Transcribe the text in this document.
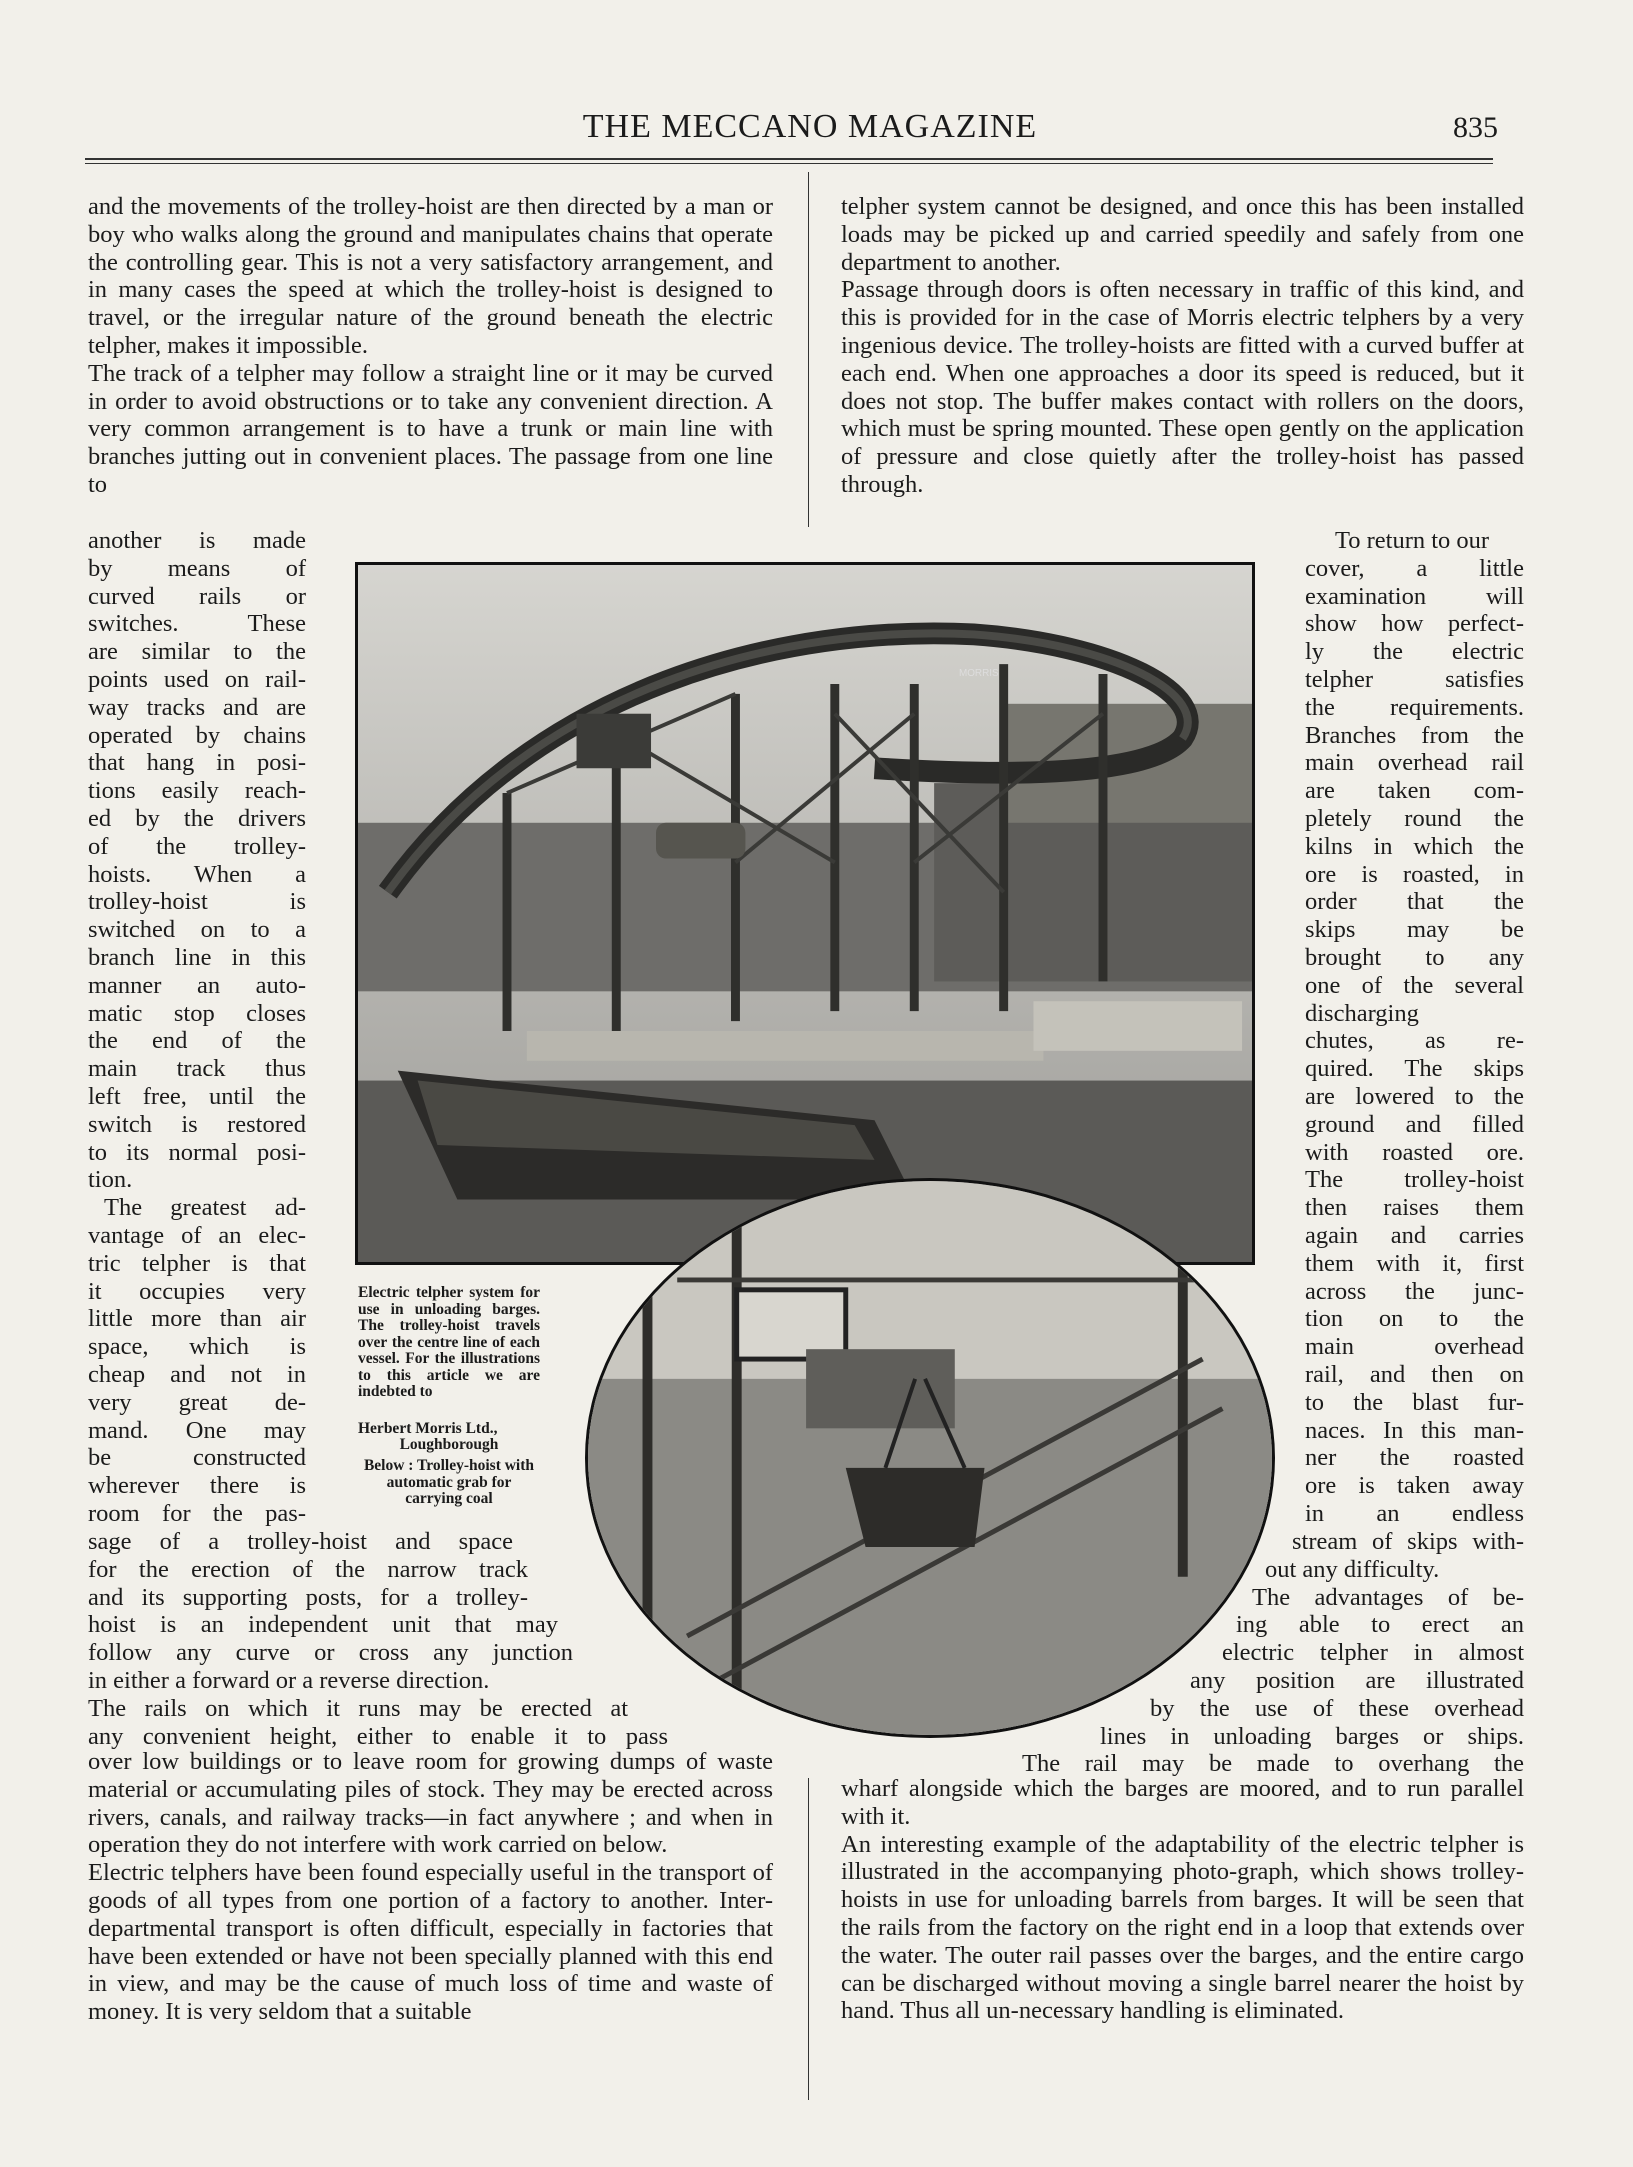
THE MECCANO MAGAZINE	835
and the movements of the trolley-hoist are then directed by a man or boy who walks along the ground and manipulates chains that operate the controlling gear. This is not a very satisfactory arrangement, and in many cases the speed at which the trolley-hoist is designed to travel, or the irregular nature of the ground beneath the electric telpher, makes it impossible.
The track of a telpher may follow a straight line or it may be curved in order to avoid obstructions or to take any convenient direction. A very common arrangement is to have a trunk or main line with branches jutting out in convenient places. The passage from one line to
another is made
by means of
curved rails or
switches. These
are similar to the
points used on rail-
way tracks and are
operated by chains
that hang in posi-
tions easily reach-
ed by the drivers
of the trolley-
hoists. When a
trolley-hoist is
switched on to a
branch line in this
manner an auto-
matic stop closes
the end of the
main track thus
left free, until the
switch is restored
to its normal posi-
tion.
The greatest ad-
vantage of an elec-
tric telpher is that
it occupies very
little more than air
space, which is
cheap and not in
very great de-
mand. One may
be constructed
wherever there is
room for the pas-
sage of a trolley-hoist and space
for the erection of the narrow track
and its supporting posts, for a trolley-
hoist is an independent unit that may
follow any curve or cross any junction
in either a forward or a reverse direction.
The rails on which it runs may be erected at
any convenient height, either to enable it to pass
over low buildings or to leave room for growing dumps of waste material or accumulating piles of stock. They may be erected across rivers, canals, and railway tracks—in fact anywhere ; and when in operation they do not interfere with work carried on below.
Electric telphers have been found especially useful in the transport of goods of all types from one portion of a factory to another. Inter-departmental transport is often difficult, especially in factories that have been extended or have not been specially planned with this end in view, and may be the cause of much loss of time and waste of money. It is very seldom that a suitable
telpher system cannot be designed, and once this has been installed loads may be picked up and carried speedily and safely from one department to another.
Passage through doors is often necessary in traffic of this kind, and this is provided for in the case of Morris electric telphers by a very ingenious device. The trolley-hoists are fitted with a curved buffer at each end. When one approaches a door its speed is reduced, but it does not stop. The buffer makes contact with rollers on the doors, which must be spring mounted. These open gently on the application of pressure and close quietly after the trolley-hoist has passed through.
To return to our
cover, a little
examination will
show how perfect-
ly the electric
telpher satisfies
the requirements.
Branches from the
main overhead rail
are taken com-
pletely round the
kilns in which the
ore is roasted, in
order that the
skips may be
brought to any
one of the several
discharging
chutes, as re-
quired. The skips
are lowered to the
ground and filled
with roasted ore.
The trolley-hoist
then raises them
again and carries
them with it, first
across the junc-
tion on to the
main overhead
rail, and then on
to the blast fur-
naces. In this man-
ner the roasted
ore is taken away
in an endless
stream of skips with-
out any difficulty.
The advantages of be-
ing able to erect an
electric telpher in almost
any position are illustrated
by the use of these overhead
lines in unloading barges or ships.
The rail may be made to overhang the
wharf alongside which the barges are moored, and to run parallel with it.
An interesting example of the adaptability of the electric telpher is illustrated in the accompanying photo-graph, which shows trolley-hoists in use for unloading barrels from barges. It will be seen that the rails from the factory on the right end in a loop that extends over the water. The outer rail passes over the barges, and the entire cargo can be discharged without moving a single barrel nearer the hoist by hand. Thus all un-necessary handling is eliminated.
MORRIS
Electric telpher system for use in unloading barges. The trolley-hoist travels over the centre line of each vessel. For the illustrations to this article we are indebted to
Herbert Morris Ltd.,
Loughborough
Below : Trolley-hoist with automatic grab for carrying coal
